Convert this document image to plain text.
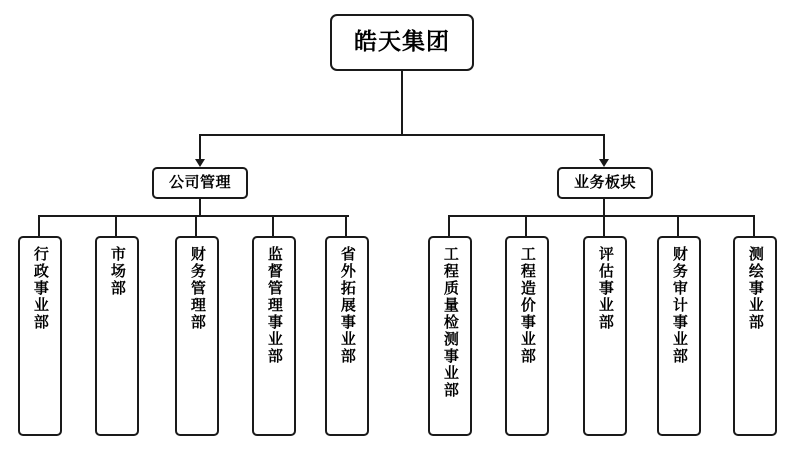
皓天集团
公司管理	业务板块
行政事业部	市场部	财务管理部	监督管理事业部	省外拓展事业部	工程质量检测事业部	工程造价事业部	评估事业部	财务审计事业部	测绘事业部
